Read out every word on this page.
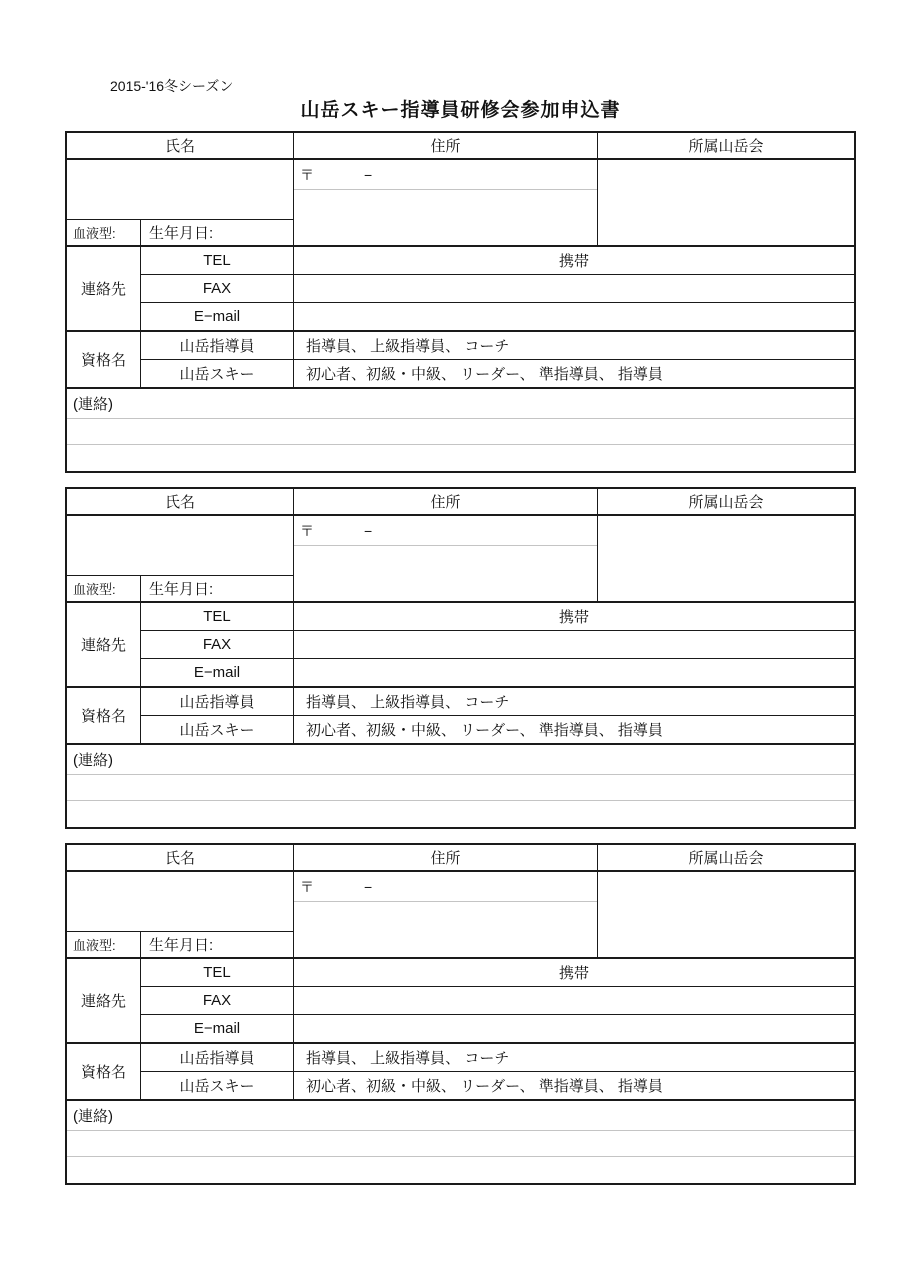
2015-'16冬シーズン
山岳スキー指導員研修会参加申込書
氏名	住所	所属山岳会
〒	−
血液型:	生年月日:
連絡先
TEL	携帯
FAX
E−mail
資格名
山岳指導員	指導員、 上級指導員、 コーチ
山岳スキー	初心者、初級・中級、 リーダー、 準指導員、 指導員
(連絡)
氏名	住所	所属山岳会
〒	−
血液型:	生年月日:
連絡先
TEL	携帯
FAX
E−mail
資格名
山岳指導員	指導員、 上級指導員、 コーチ
山岳スキー	初心者、初級・中級、 リーダー、 準指導員、 指導員
(連絡)
氏名	住所	所属山岳会
〒	−
血液型:	生年月日:
連絡先
TEL	携帯
FAX
E−mail
資格名
山岳指導員	指導員、 上級指導員、 コーチ
山岳スキー	初心者、初級・中級、 リーダー、 準指導員、 指導員
(連絡)
